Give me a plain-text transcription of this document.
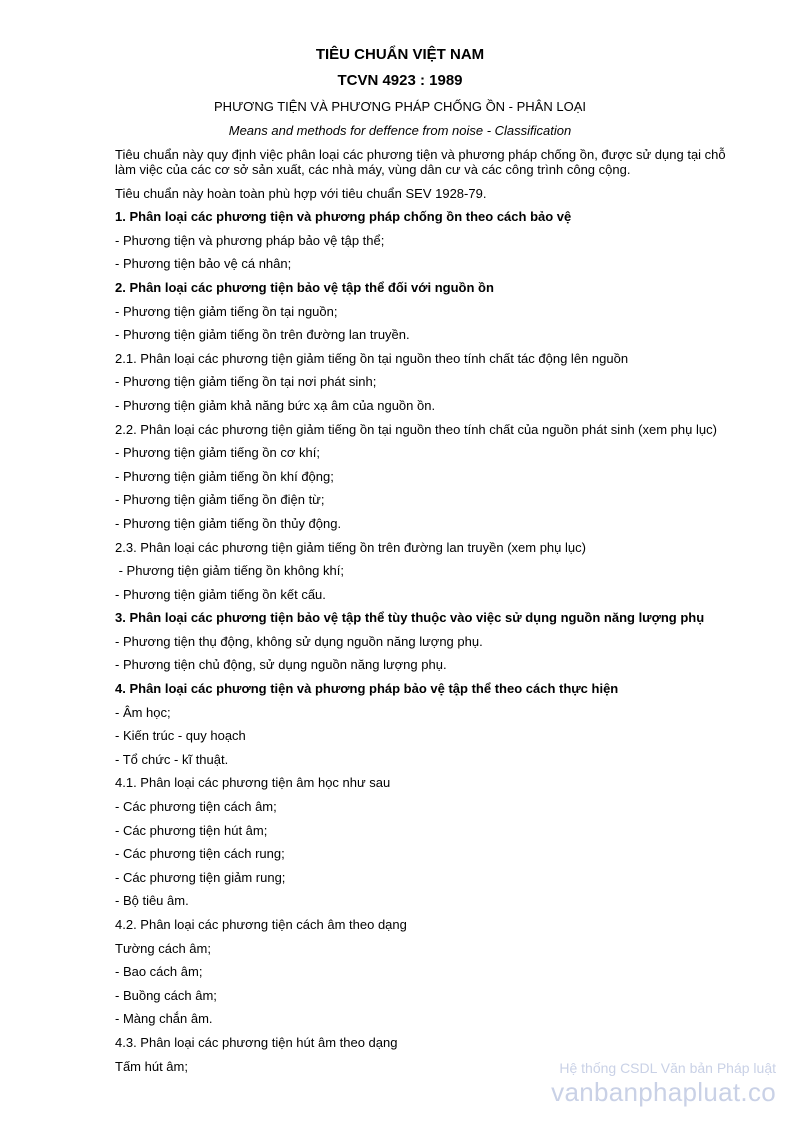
TIÊU CHUẨN VIỆT NAM
TCVN 4923 : 1989
PHƯƠNG TIỆN VÀ PHƯƠNG PHÁP CHỐNG ỒN - PHÂN LOẠI
Means and methods for deffence from noise - Classification
Tiêu chuẩn này quy định việc phân loại các phương tiện và phương pháp chống ồn, được sử dụng tại chỗ làm việc của các cơ sở sản xuất, các nhà máy, vùng dân cư và các công trình công cộng.
Tiêu chuẩn này hoàn toàn phù hợp với tiêu chuẩn SEV 1928-79.
1. Phân loại các phương tiện và phương pháp chống ồn theo cách bảo vệ
- Phương tiện và phương pháp bảo vệ tập thể;
- Phương tiện bảo vệ cá nhân;
2. Phân loại các phương tiện bảo vệ tập thể đối với nguồn ồn
- Phương tiện giảm tiếng ồn tại nguồn;
- Phương tiện giảm tiếng ồn trên đường lan truyền.
2.1. Phân loại các phương tiện giảm tiếng ồn tại nguồn theo tính chất tác động lên nguồn
- Phương tiện giảm tiếng ồn tại nơi phát sinh;
- Phương tiện giảm khả năng bức xạ âm của nguồn ồn.
2.2. Phân loại các phương tiện giảm tiếng ồn tại nguồn theo tính chất của nguồn phát sinh (xem phụ lục)
- Phương tiện giảm tiếng ồn cơ khí;
- Phương tiện giảm tiếng ồn khí động;
- Phương tiện giảm tiếng ồn điện từ;
- Phương tiện giảm tiếng ồn thủy động.
2.3. Phân loại các phương tiện giảm tiếng ồn trên đường lan truyền (xem phụ lục)
- Phương tiện giảm tiếng ồn không khí;
- Phương tiện giảm tiếng ồn kết cấu.
3. Phân loại các phương tiện bảo vệ tập thể tùy thuộc vào việc sử dụng nguồn năng lượng phụ
- Phương tiện thụ động, không sử dụng nguồn năng lượng phụ.
- Phương tiện chủ động, sử dụng nguồn năng lượng phụ.
4. Phân loại các phương tiện và phương pháp bảo vệ tập thể theo cách thực hiện
- Âm học;
- Kiến trúc - quy hoạch
- Tổ chức - kĩ thuật.
4.1. Phân loại các phương tiện âm học như sau
- Các phương tiện cách âm;
- Các phương tiện hút âm;
- Các phương tiện cách rung;
- Các phương tiện giảm rung;
- Bộ tiêu âm.
4.2. Phân loại các phương tiện cách âm theo dạng
Tường cách âm;
- Bao cách âm;
- Buồng cách âm;
- Màng chắn âm.
4.3. Phân loại các phương tiện hút âm theo dạng
Tấm hút âm;	Hệ thống CSDL Văn bản Pháp luật
vanbanphapluat.co
